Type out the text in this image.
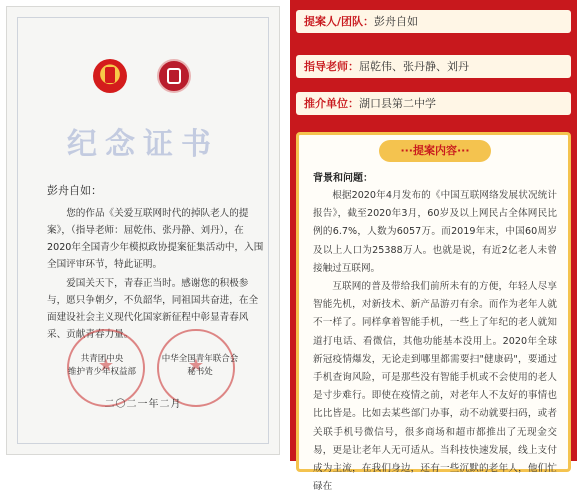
纪念证书
彭舟自如：
您的作品《关爱互联网时代的掉队老人的提案》，（指导老师：屈乾伟、张丹静、刘丹），在2020年全国青少年模拟政协提案征集活动中，入围全国评审环节，特此证明。
爱国关天下，青春正当时。感谢您的积极参与，愿只争朝夕，不负韶华，同祖国共奋进，在全面建设社会主义现代化国家新征程中彰显青春风采、贡献青春力量。
★
★
共青团中央
维护青少年权益部
中华全国青年联合会
秘书处
二〇二一年二月
提案人/团队：彭舟自如
指导老师：屈乾伟、张丹静、刘丹
推介单位：湖口县第二中学
···提案内容···
背景和问题：

根据2020年4月发布的《中国互联网络发展状况统计报告》，截至2020年3月，60岁及以上网民占全体网民比例的6.7%，人数为6057万。而2019年末，中国60周岁及以上人口为25388万人。也就是说，有近2亿老人未曾接触过互联网。

互联网的普及带给我们前所未有的方便，年轻人尽享智能先机，对新技术、新产品游刃有余。而作为老年人就不一样了。同样拿着智能手机，一些上了年纪的老人就知道打电话、看微信，其他功能基本没用上。2020年全球新冠疫情爆发，无论走到哪里都需要扫"健康码"，要通过手机查询风险，可是那些没有智能手机或不会使用的老人是寸步难行。即使在疫情之前，对老年人不友好的事情也比比皆是。比如去某些部门办事，动不动就要扫码，或者关联手机号微信号，很多商场和超市都推出了无现金交易，更是让老年人无可适从。当科技快速发展，线上支付成为主流，在我们身边，还有一些沉默的老年人，他们忙碌在
